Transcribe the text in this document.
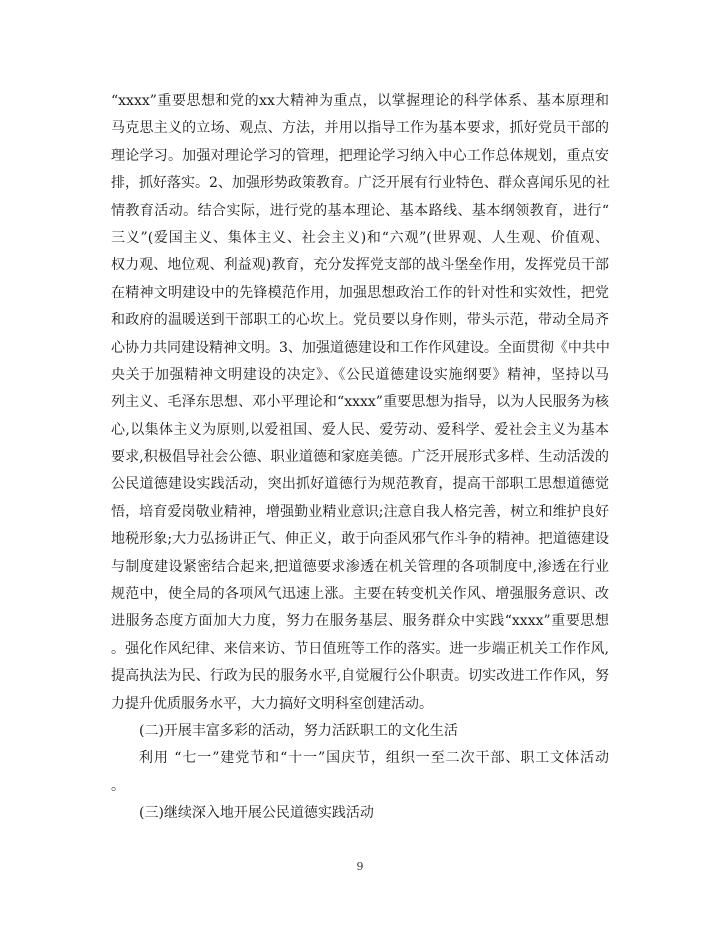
“xxxx”重要思想和党的xx大精神为重点，以掌握理论的科学体系、基本原理和
马克思主义的立场、观点、方法，并用以指导工作为基本要求，抓好党员干部的
理论学习。加强对理论学习的管理，把理论学习纳入中心工作总体规划，重点安
排，抓好落实。2、加强形势政策教育。广泛开展有行业特色、群众喜闻乐见的社
情教育活动。结合实际，进行党的基本理论、基本路线、基本纲领教育，进行“
三义”(爱国主义、集体主义、社会主义)和“六观”(世界观、人生观、价值观、
权力观、地位观、利益观)教育，充分发挥党支部的战斗堡垒作用，发挥党员干部
在精神文明建设中的先锋模范作用，加强思想政治工作的针对性和实效性，把党
和政府的温暖送到干部职工的心坎上。党员要以身作则，带头示范，带动全局齐
心协力共同建设精神文明。3、加强道德建设和工作作风建设。全面贯彻《中共中
央关于加强精神文明建设的决定》、《公民道德建设实施纲要》精神，坚持以马
列主义、毛泽东思想、邓小平理论和“xxxx”重要思想为指导，以为人民服务为核
心,以集体主义为原则,以爱祖国、爱人民、爱劳动、爱科学、爱社会主义为基本
要求,积极倡导社会公德、职业道德和家庭美德。广泛开展形式多样、生动活泼的
公民道德建设实践活动，突出抓好道德行为规范教育，提高干部职工思想道德觉
悟，培育爱岗敬业精神，增强勤业精业意识;注意自我人格完善，树立和维护良好
地税形象;大力弘扬讲正气、伸正义，敢于向歪风邪气作斗争的精神。把道德建设
与制度建设紧密结合起来,把道德要求渗透在机关管理的各项制度中,渗透在行业
规范中，使全局的各项风气迅速上涨。主要在转变机关作风、增强服务意识、改
进服务态度方面加大力度，努力在服务基层、服务群众中实践“xxxx”重要思想
。强化作风纪律、来信来访、节日值班等工作的落实。进一步端正机关工作作风,
提高执法为民、行政为民的服务水平,自觉履行公仆职责。切实改进工作作风，努
力提升优质服务水平，大力搞好文明科室创建活动。
(二)开展丰富多彩的活动，努力活跃职工的文化生活
利用 “七一”建党节和“十一”国庆节，组织一至二次干部、职工文体活动
。
(三)继续深入地开展公民道德实践活动
9
